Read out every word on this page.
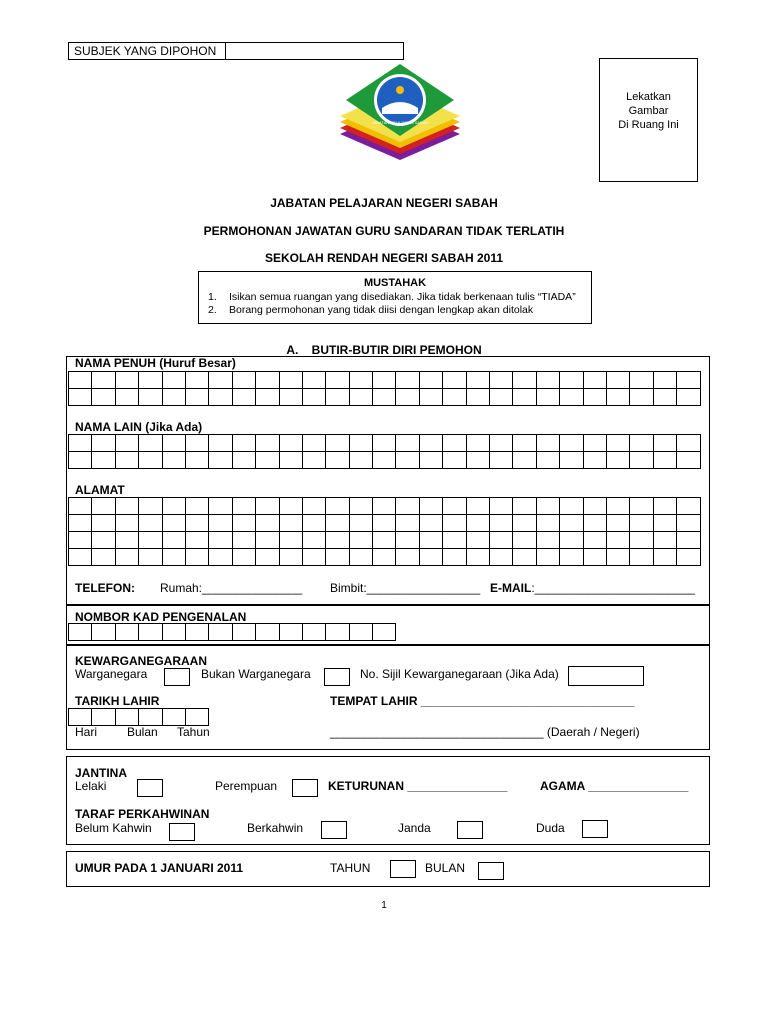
SUBJEK YANG DIPOHON
Lekatkan
Gambar
Di Ruang Ini
JABATAN PELAJARAN SABAH
JABATAN PELAJARAN NEGERI SABAH
PERMOHONAN JAWATAN GURU SANDARAN TIDAK TERLATIH
SEKOLAH RENDAH NEGERI SABAH 2011
MUSTAHAK
1. Isikan semua ruangan yang disediakan. Jika tidak berkenaan tulis “TIADA”
2. Borang permohonan yang tidak diisi dengan lengkap akan ditolak
A.    BUTIR-BUTIR DIRI PEMOHON
NAMA PENUH (Huruf Besar)

NAMA LAIN (Jika Ada)

ALAMAT

TELEFON: Rumah:_______________ Bimbit:_________________ E-MAIL:________________________
NOMBOR KAD PENGENALAN

KEWARGANEGARAAN
Warganegara	Bukan Warganegara	No. Sijil Kewarganegaraan (Jika Ada)
TARIKH LAHIR

Hari Bulan Tahun
TEMPAT LAHIR ________________________________
________________________________ (Daerah / Negeri)
JANTINA
Lelaki	Perempuan	KETURUNAN _______________	AGAMA _______________
TARAF PERKAHWINAN
Belum Kahwin	Berkahwin	Janda	Duda
UMUR PADA 1 JANUARI 2011	TAHUN	BULAN
1
